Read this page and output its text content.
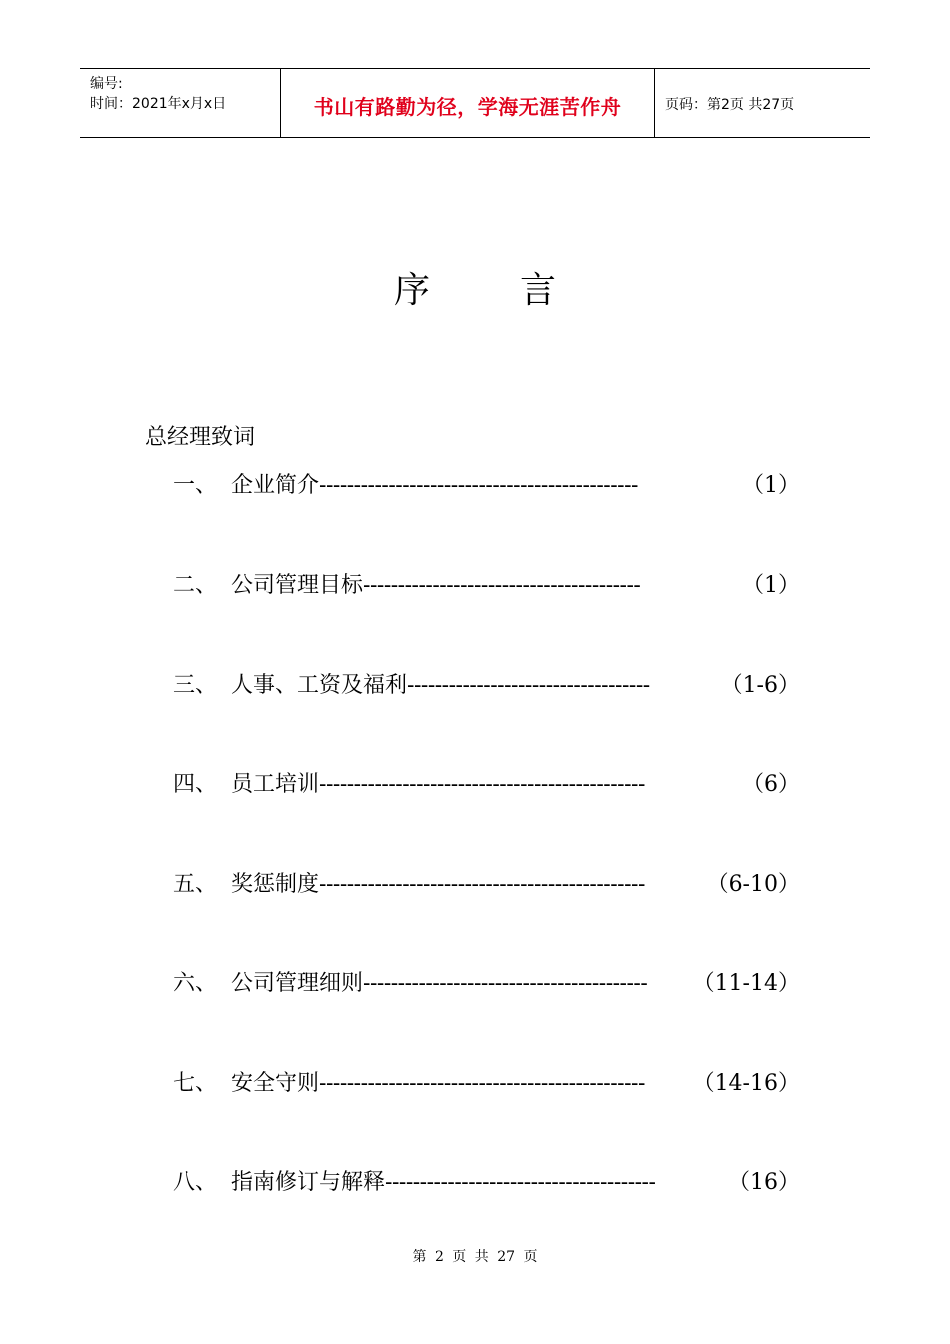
编号:
时间：2021年x月x日	书山有路勤为径，学海无涯苦作舟	页码：第2页 共27页
序	言
总经理致词
一、 企业简介 ----------------------------------------------	（1）
二、 公司管理目标 ----------------------------------------	（1）
三、 人事、工资及福利 -----------------------------------	（1-6）
四、 员工培训 -----------------------------------------------	（6）
五、 奖惩制度 -----------------------------------------------	（6-10）
六、 公司管理细则 -----------------------------------------	（11-14）
七、 安全守则 -----------------------------------------------	（14-16）
八、 指南修订与解释 ---------------------------------------	（16）
第 2 页 共 27 页
